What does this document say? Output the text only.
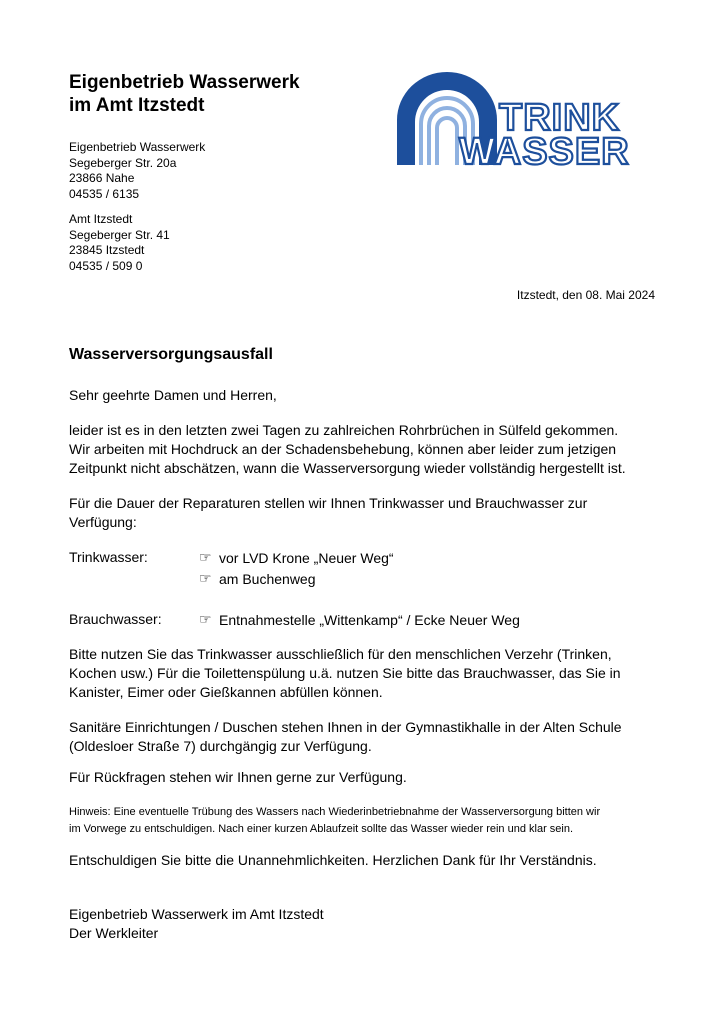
Eigenbetrieb Wasserwerk
im Amt Itzstedt	TRINK
WASSER
Eigenbetrieb Wasserwerk
Segeberger Str. 20a
23866 Nahe
04535 / 6135
Amt Itzstedt
Segeberger Str. 41
23845 Itzstedt
04535 / 509 0
Itzstedt, den 08. Mai 2024
Wasserversorgungsausfall
Sehr geehrte Damen und Herren,
leider ist es in den letzten zwei Tagen zu zahlreichen Rohrbrüchen in Sülfeld gekommen.
Wir arbeiten mit Hochdruck an der Schadensbehebung, können aber leider zum jetzigen
Zeitpunkt nicht abschätzen, wann die Wasserversorgung wieder vollständig hergestellt ist.
Für die Dauer der Reparaturen stellen wir Ihnen Trinkwasser und Brauchwasser zur
Verfügung:
Trinkwasser:	☞ vor LVD Krone „Neuer Weg“
☞ am Buchenweg
Brauchwasser:	☞ Entnahmestelle „Wittenkamp“ / Ecke Neuer Weg
Bitte nutzen Sie das Trinkwasser ausschließlich für den menschlichen Verzehr (Trinken,
Kochen usw.) Für die Toilettenspülung u.ä. nutzen Sie bitte das Brauchwasser, das Sie in
Kanister, Eimer oder Gießkannen abfüllen können.
Sanitäre Einrichtungen / Duschen stehen Ihnen in der Gymnastikhalle in der Alten Schule
(Oldesloer Straße 7) durchgängig zur Verfügung.
Für Rückfragen stehen wir Ihnen gerne zur Verfügung.
Hinweis: Eine eventuelle Trübung des Wassers nach Wiederinbetriebnahme der Wasserversorgung bitten wir
im Vorwege zu entschuldigen. Nach einer kurzen Ablaufzeit sollte das Wasser wieder rein und klar sein.
Entschuldigen Sie bitte die Unannehmlichkeiten. Herzlichen Dank für Ihr Verständnis.
Eigenbetrieb Wasserwerk im Amt Itzstedt
Der Werkleiter
